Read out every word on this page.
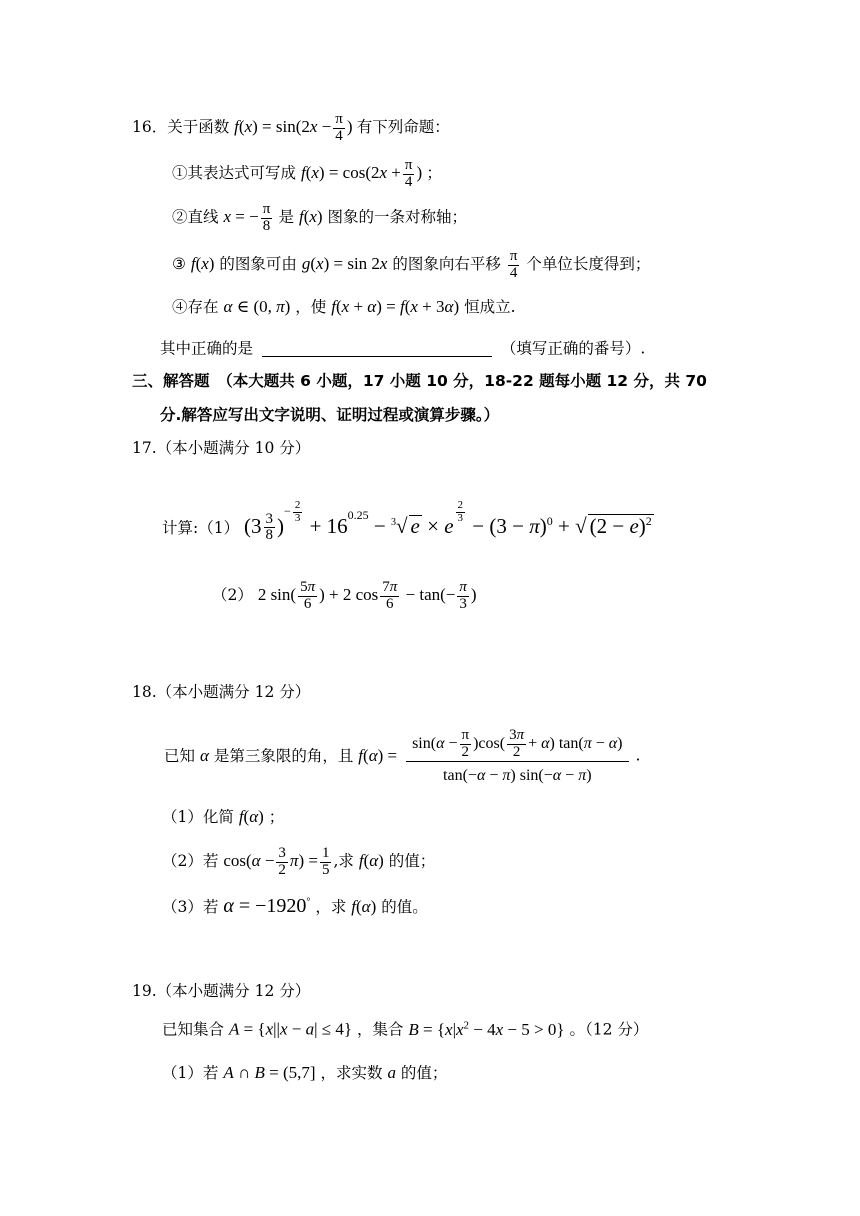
16．关于函数 $f(x) = \sin(2x - \frac{\pi}{4}$ ) 有下列命题：
①其表达式可写成 $f(x) = \cos(2x + \frac{\pi}{4}$ ) ；
②直线 x = − $\frac{\pi}{8}$ 是 f(x) 图象的一条对称轴；
③ f(x) 的图象可由 g(x) = sin 2x 的图象向右平移 $\frac{\pi}{4}$ 个单位长度得到；
④存在 α ∈ (0, π) ，使 f(x + α) = f(x + 3α) 恒成立.
其中正确的是	（填写正确的番号）.
三、解答题　（本大题共 6 小题，17 小题 10 分，18-22 题每小题 12 分，共 70
分.解答应写出文字说明、证明过程或演算步骤。）
17.（本小题满分 10 分）
计算:（1） $(3 \frac{3}{8} )^{- \frac{2}{3}}$
+ $16^{0.25} - ^3√$ e × e
$^{\frac{2}{3}}$
− $(3 - \pi)^0$ + √ $(2 - e)^2$
（2） 2 $\sin( \frac{5\pi}{6}$ ) + 2 $\cos \frac{7\pi}{6} - \tan(- \frac{\pi}{3}$ )
18.（本小题满分 12 分）
已知 α 是第三象限的角，且 $f(\alpha) = \frac{\sin(\alpha - \frac{\pi}{2} )\cos( \frac{3\pi}{2} + \alpha) \tan(\pi - \alpha)}{\tan(-\alpha - \pi) \sin(-\alpha - \pi)}$ .
（1）化简 f(α) ；
（2）若 $\cos(\alpha - \frac{3}{2} \pi) = \frac{1}{5}$ ,求 f(α) 的值；
（3）若 α = −1920° ，求 f(α) 的值。
19.（本小题满分 12 分）
已知集合 A = {x||x − a| ≤ 4} ，集合 $B = \{x|x^2 - 4x - 5 > 0\}$ 。（12 分）
（1）若 A ∩ B = (5,7] ，求实数 a 的值；
